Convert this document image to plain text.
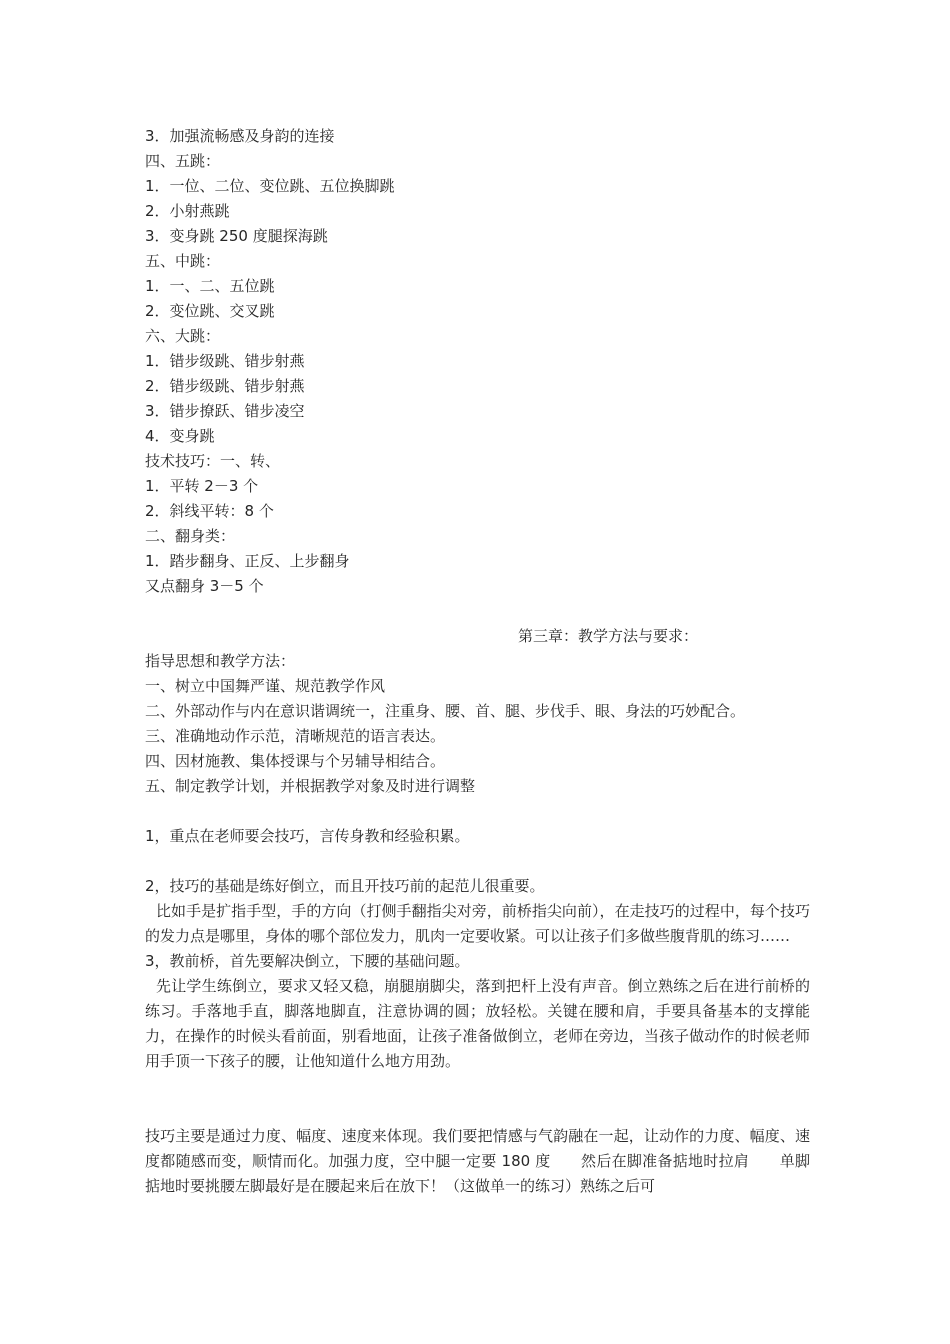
3．加强流畅感及身韵的连接
四、五跳：
1．一位、二位、变位跳、五位换脚跳
2．小射燕跳
3．变身跳 250 度腿探海跳
五、中跳：
1．一、二、五位跳
2．变位跳、交叉跳
六、大跳：
1．错步级跳、错步射燕
2．错步级跳、错步射燕
3．错步撩跃、错步凌空
4．变身跳
技术技巧：一、转、
1．平转 2－3 个
2．斜线平转：8 个
二、翻身类：
1．踏步翻身、正反、上步翻身
又点翻身 3－5 个
第三章：教学方法与要求：
指导思想和教学方法：
一、树立中国舞严谨、规范教学作风
二、外部动作与内在意识谐调统一，注重身、腰、首、腿、步伐手、眼、身法的巧妙配合。
三、准确地动作示范，清晰规范的语言表达。
四、因材施教、集体授课与个另辅导相结合。
五、制定教学计划，并根据教学对象及时进行调整
1，重点在老师要会技巧，言传身教和经验积累。
2，技巧的基础是练好倒立，而且开技巧前的起范儿很重要。

比如手是扩指手型，手的方向（打侧手翻指尖对旁，前桥指尖向前），在走技巧的过程中，每个技巧的发力点是哪里，身体的哪个部位发力，肌肉一定要收紧。可以让孩子们多做些腹背肌的练习……

3，教前桥，首先要解决倒立，下腰的基础问题。

先让学生练倒立，要求又轻又稳，崩腿崩脚尖，落到把杆上没有声音。倒立熟练之后在进行前桥的练习。手落地手直，脚落地脚直，注意协调的圆；放轻松。关键在腰和肩，手要具备基本的支撑能力，在操作的时候头看前面，别看地面，让孩子准备做倒立，老师在旁边，当孩子做动作的时候老师用手顶一下孩子的腰，让他知道什么地方用劲。

技巧主要是通过力度、幅度、速度来体现。我们要把情感与气韵融在一起，让动作的力度、幅度、速度都随感而变，顺情而化。加强力度，空中腿一定要 180 度　　然后在脚准备掂地时拉肩　　单脚掂地时要挑腰左脚最好是在腰起来后在放下！（这做单一的练习）熟练之后可
